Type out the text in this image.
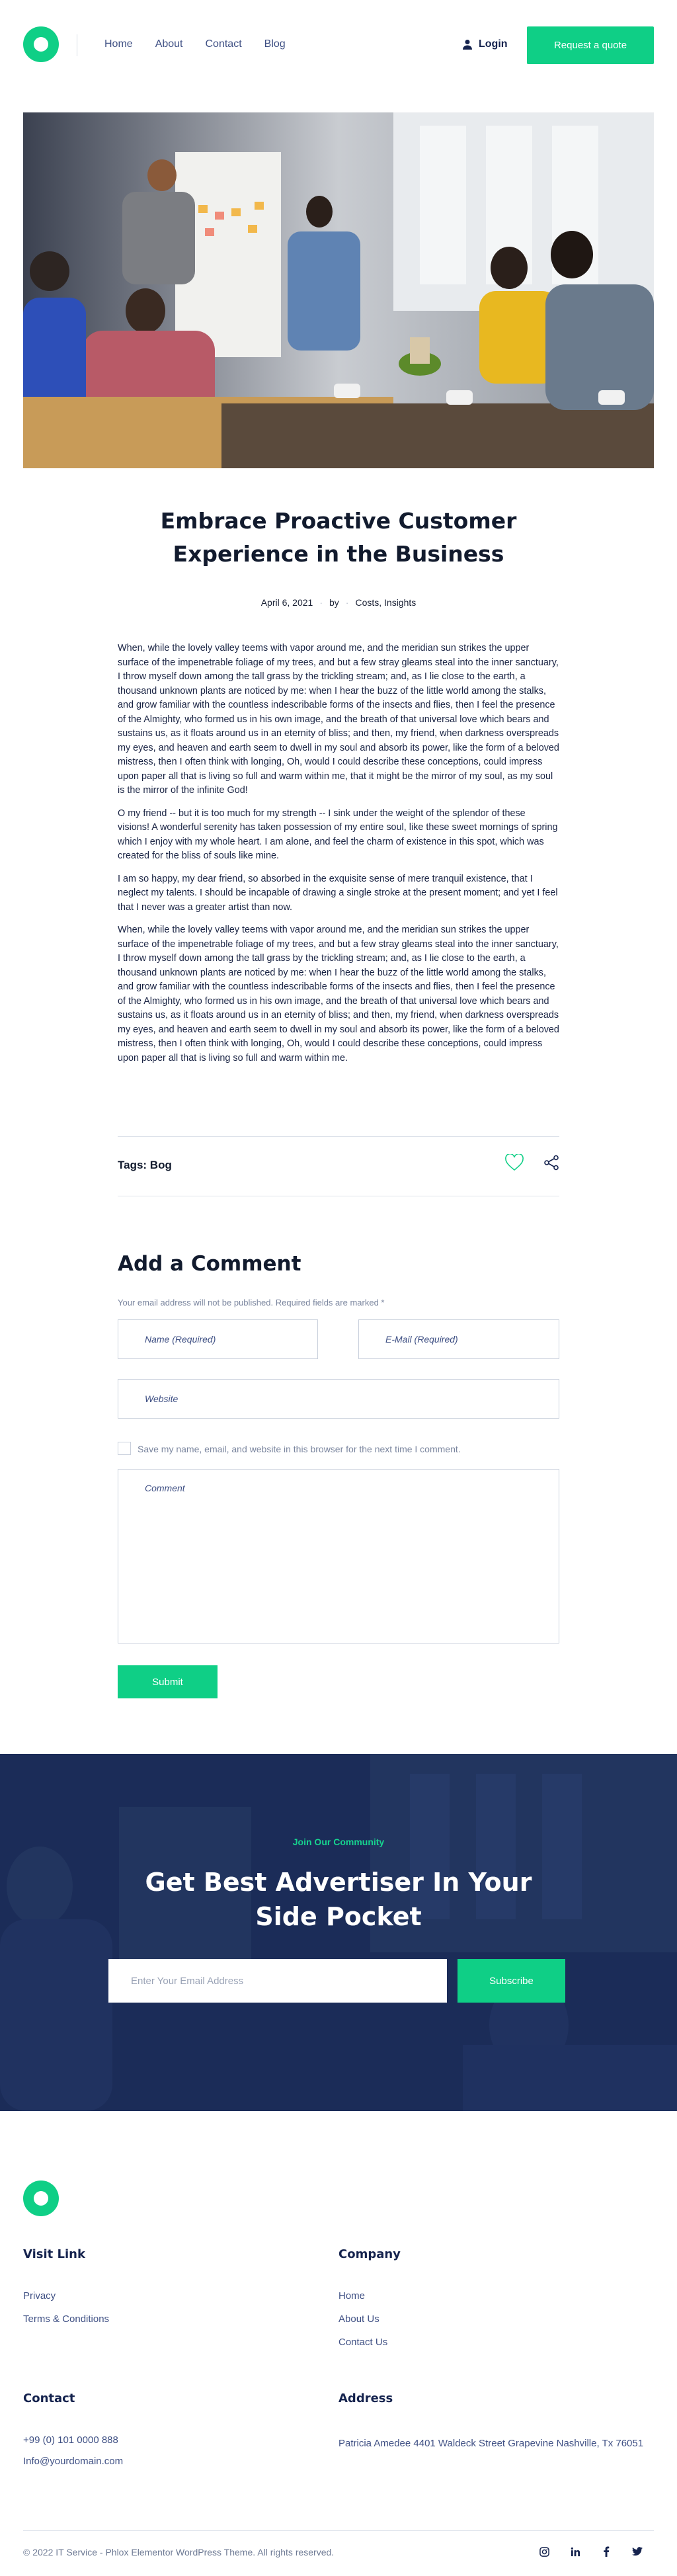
Home About Contact Blog	Login	Request a quote
Embrace Proactive Customer Experience in the Business
April 6, 2021 · by · Costs, Insights

When, while the lovely valley teems with vapor around me, and the meridian sun strikes the upper surface of the impenetrable foliage of my trees, and but a few stray gleams steal into the inner sanctuary, I throw myself down among the tall grass by the trickling stream; and, as I lie close to the earth, a thousand unknown plants are noticed by me: when I hear the buzz of the little world among the stalks, and grow familiar with the countless indescribable forms of the insects and flies, then I feel the presence of the Almighty, who formed us in his own image, and the breath of that universal love which bears and sustains us, as it floats around us in an eternity of bliss; and then, my friend, when darkness overspreads my eyes, and heaven and earth seem to dwell in my soul and absorb its power, like the form of a beloved mistress, then I often think with longing, Oh, would I could describe these conceptions, could impress upon paper all that is living so full and warm within me, that it might be the mirror of my soul, as my soul is the mirror of the infinite God!

O my friend -- but it is too much for my strength -- I sink under the weight of the splendor of these visions! A wonderful serenity has taken possession of my entire soul, like these sweet mornings of spring which I enjoy with my whole heart. I am alone, and feel the charm of existence in this spot, which was created for the bliss of souls like mine.

I am so happy, my dear friend, so absorbed in the exquisite sense of mere tranquil existence, that I neglect my talents. I should be incapable of drawing a single stroke at the present moment; and yet I feel that I never was a greater artist than now.

When, while the lovely valley teems with vapor around me, and the meridian sun strikes the upper surface of the impenetrable foliage of my trees, and but a few stray gleams steal into the inner sanctuary, I throw myself down among the tall grass by the trickling stream; and, as I lie close to the earth, a thousand unknown plants are noticed by me: when I hear the buzz of the little world among the stalks, and grow familiar with the countless indescribable forms of the insects and flies, then I feel the presence of the Almighty, who formed us in his own image, and the breath of that universal love which bears and sustains us, as it floats around us in an eternity of bliss; and then, my friend, when darkness overspreads my eyes, and heaven and earth seem to dwell in my soul and absorb its power, like the form of a beloved mistress, then I often think with longing, Oh, would I could describe these conceptions, could impress upon paper all that is living so full and warm within me.

Tags: Bog
Add a Comment
Your email address will not be published. Required fields are marked *
Name (Required)
E-Mail (Required)
Website
Save my name, email, and website in this browser for the next time I comment.
Comment
Submit
Join Our Community
Get Best Advertiser In Your Side Pocket
Enter Your Email Address
Subscribe
Visit Link
Privacy
Terms & Conditions
Company
Home
About Us
Contact Us
Contact
+99 (0) 101 0000 888
Info@yourdomain.com
Address
Patricia Amedee 4401 Waldeck Street Grapevine Nashville, Tx 76051
© 2022 IT Service - Phlox Elementor WordPress Theme. All rights reserved.
